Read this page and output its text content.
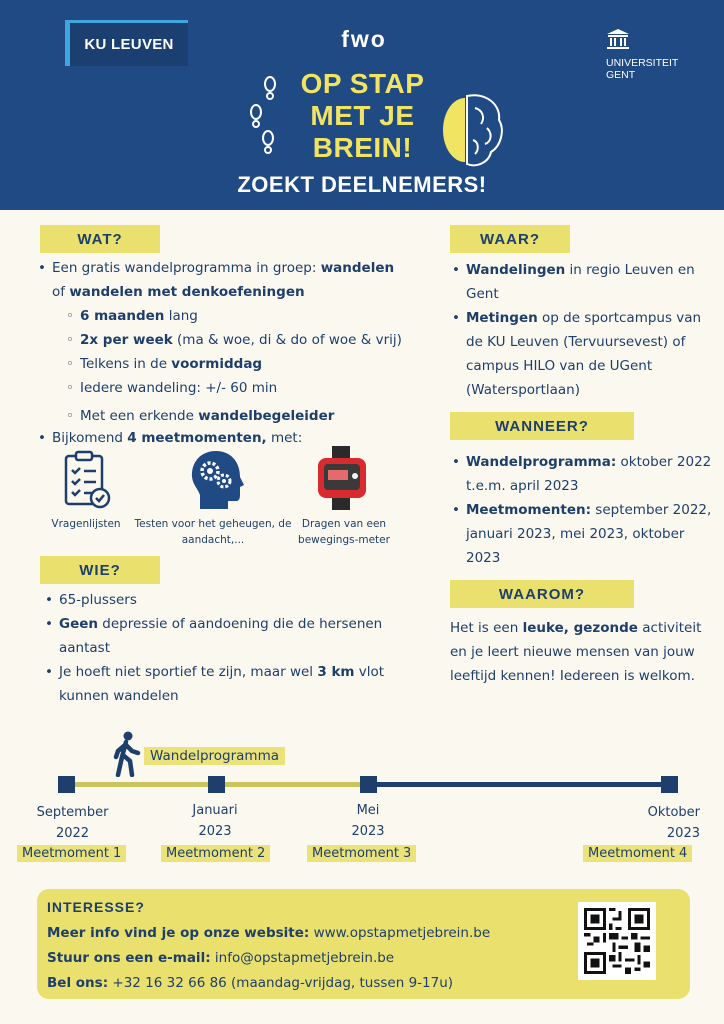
KU LEUVEN	fwo
UNIVERSITEIT
GENT
OP STAP
MET JE
BREIN!
ZOEKT DEELNEMERS!
WAT?
• Een gratis wandelprogramma in groep: wandelen
of wandelen met denkoefeningen
◦ 6 maanden lang
◦ 2x per week (ma & woe, di & do of woe & vrij)
◦ Telkens in de voormiddag
◦ Iedere wandeling: +/- 60 min
◦ Met een erkende wandelbegeleider
• Bijkomend 4 meetmomenten, met:
Vragenlijsten	Testen voor het geheugen, de aandacht,...
Dragen van een bewegings-meter
WIE?
• 65-plussers
• Geen depressie of aandoening die de hersenen aantast
• Je hoeft niet sportief te zijn, maar wel 3 km vlot kunnen wandelen
WAAR?
• Wandelingen in regio Leuven en Gent
• Metingen op de sportcampus van de KU Leuven (Tervuursevest) of campus HILO van de UGent (Watersportlaan)
WANNEER?
• Wandelprogramma: oktober 2022 t.e.m. april 2023
• Meetmomenten: september 2022, januari 2023, mei 2023, oktober 2023
WAAROM?
Het is een leuke, gezonde activiteit en je leert nieuwe mensen van jouw leeftijd kennen! Iedereen is welkom.
Wandelprogramma
September
2022
Januari
2023
Mei
2023
Oktober
2023
Meetmoment 1	Meetmoment 2	Meetmoment 3	Meetmoment 4
INTERESSE?
Meer info vind je op onze website: www.opstapmetjebrein.be
Stuur ons een e-mail: info@opstapmetjebrein.be
Bel ons: +32 16 32 66 86 (maandag-vrijdag, tussen 9-17u)
